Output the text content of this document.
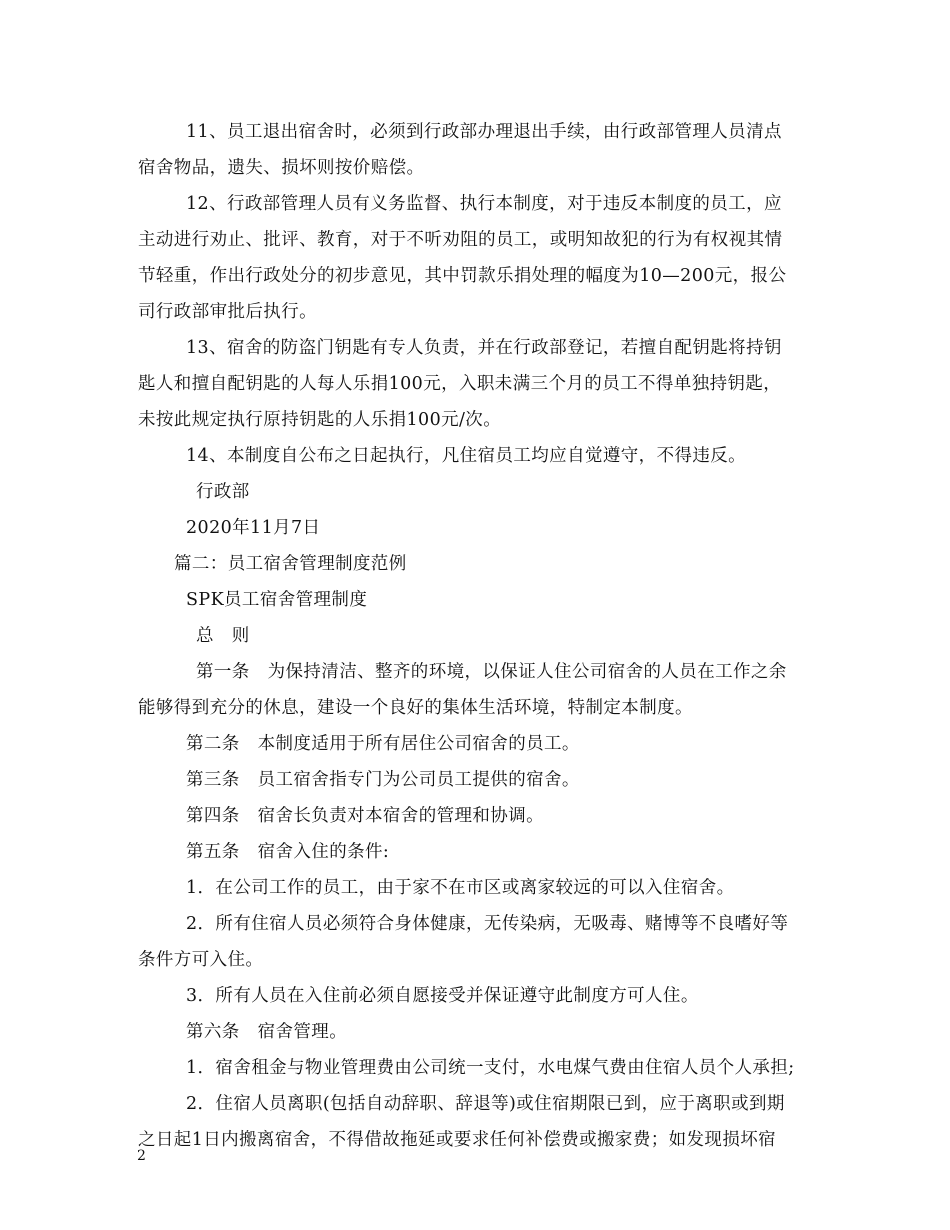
11、员工退出宿舍时，必须到行政部办理退出手续，由行政部管理人员清点
宿舍物品，遗失、损坏则按价赔偿。
12、行政部管理人员有义务监督、执行本制度，对于违反本制度的员工，应
主动进行劝止、批评、教育，对于不听劝阻的员工，或明知故犯的行为有权视其情
节轻重，作出行政处分的初步意见，其中罚款乐捐处理的幅度为10—200元，报公
司行政部审批后执行。
13、宿舍的防盗门钥匙有专人负责，并在行政部登记，若擅自配钥匙将持钥
匙人和擅自配钥匙的人每人乐捐100元，入职未满三个月的员工不得单独持钥匙，
未按此规定执行原持钥匙的人乐捐100元/次。
14、本制度自公布之日起执行，凡住宿员工均应自觉遵守，不得违反。
行政部
2020年11月7日
篇二：员工宿舍管理制度范例
SPK员工宿舍管理制度
总　则
第一条　为保持清洁、整齐的环境，以保证人住公司宿舍的人员在工作之余
能够得到充分的休息，建设一个良好的集体生活环境，特制定本制度。
第二条　本制度适用于所有居住公司宿舍的员工。
第三条　员工宿舍指专门为公司员工提供的宿舍。
第四条　宿舍长负责对本宿舍的管理和协调。
第五条　宿舍入住的条件:
1．在公司工作的员工，由于家不在市区或离家较远的可以入住宿舍。
2．所有住宿人员必须符合身体健康，无传染病，无吸毒、赌博等不良嗜好等
条件方可入住。
3．所有人员在入住前必须自愿接受并保证遵守此制度方可人住。
第六条　宿舍管理。
1．宿舍租金与物业管理费由公司统一支付，水电煤气费由住宿人员个人承担;
2．住宿人员离职(包括自动辞职、辞退等)或住宿期限已到，应于离职或到期
之日起1日内搬离宿舍，不得借故拖延或要求任何补偿费或搬家费；如发现损坏宿
2
